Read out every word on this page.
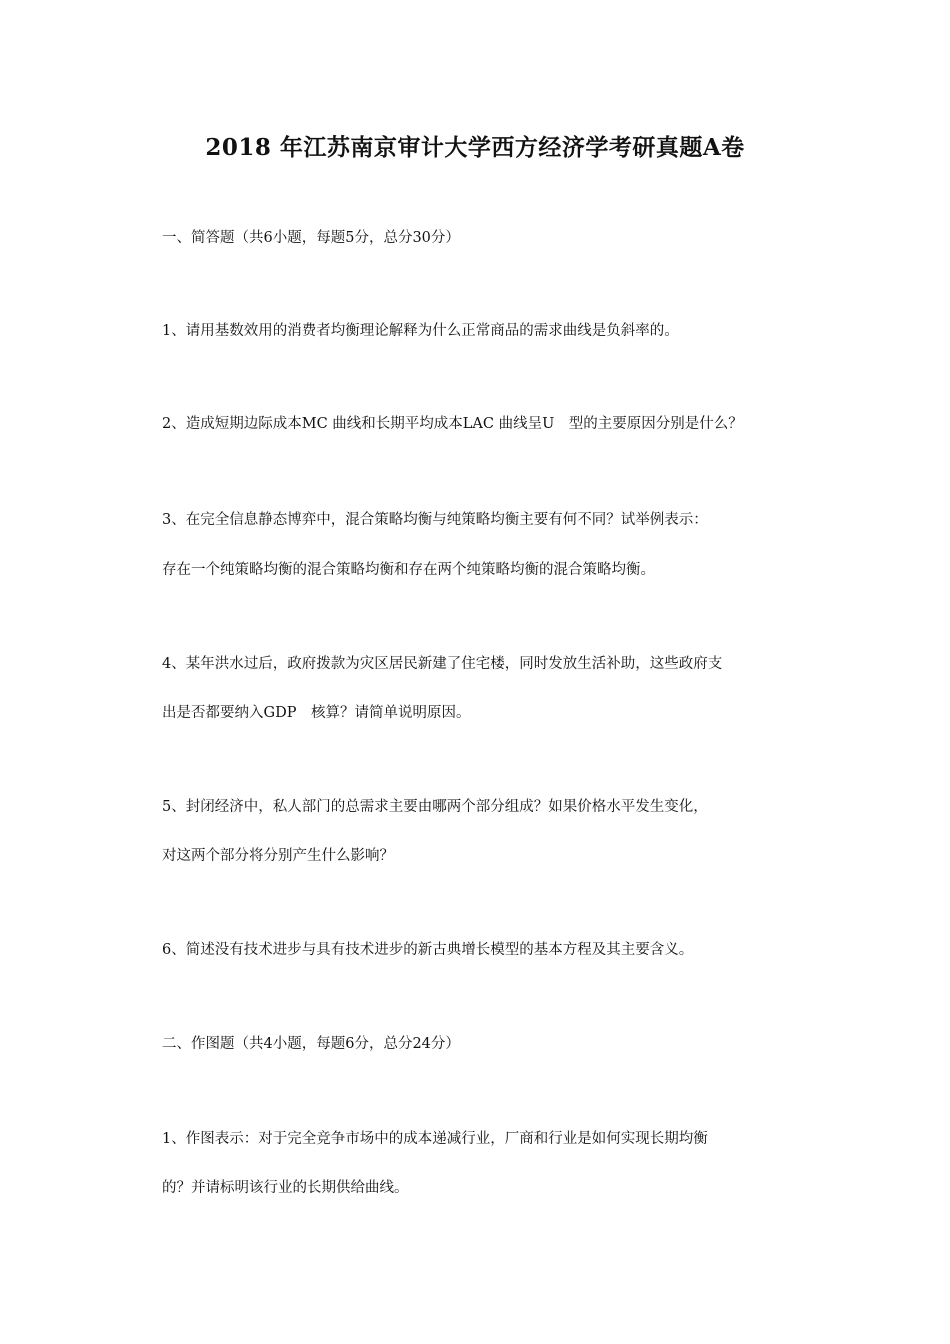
2018 年江苏南京审计大学西方经济学考研真题A卷
一、简答题（共6小题，每题5分，总分30分）
1、请用基数效用的消费者均衡理论解释为什么正常商品的需求曲线是负斜率的。
2、造成短期边际成本MC 曲线和长期平均成本LAC 曲线呈U　型的主要原因分别是什么？
3、在完全信息静态博弈中，混合策略均衡与纯策略均衡主要有何不同？试举例表示：
存在一个纯策略均衡的混合策略均衡和存在两个纯策略均衡的混合策略均衡。
4、某年洪水过后，政府拨款为灾区居民新建了住宅楼，同时发放生活补助，这些政府支
出是否都要纳入GDP　核算？请简单说明原因。
5、封闭经济中，私人部门的总需求主要由哪两个部分组成？如果价格水平发生变化，
对这两个部分将分别产生什么影响？
6、简述没有技术进步与具有技术进步的新古典增长模型的基本方程及其主要含义。
二、作图题（共4小题，每题6分，总分24分）
1、作图表示：对于完全竞争市场中的成本递减行业，厂商和行业是如何实现长期均衡
的？并请标明该行业的长期供给曲线。
